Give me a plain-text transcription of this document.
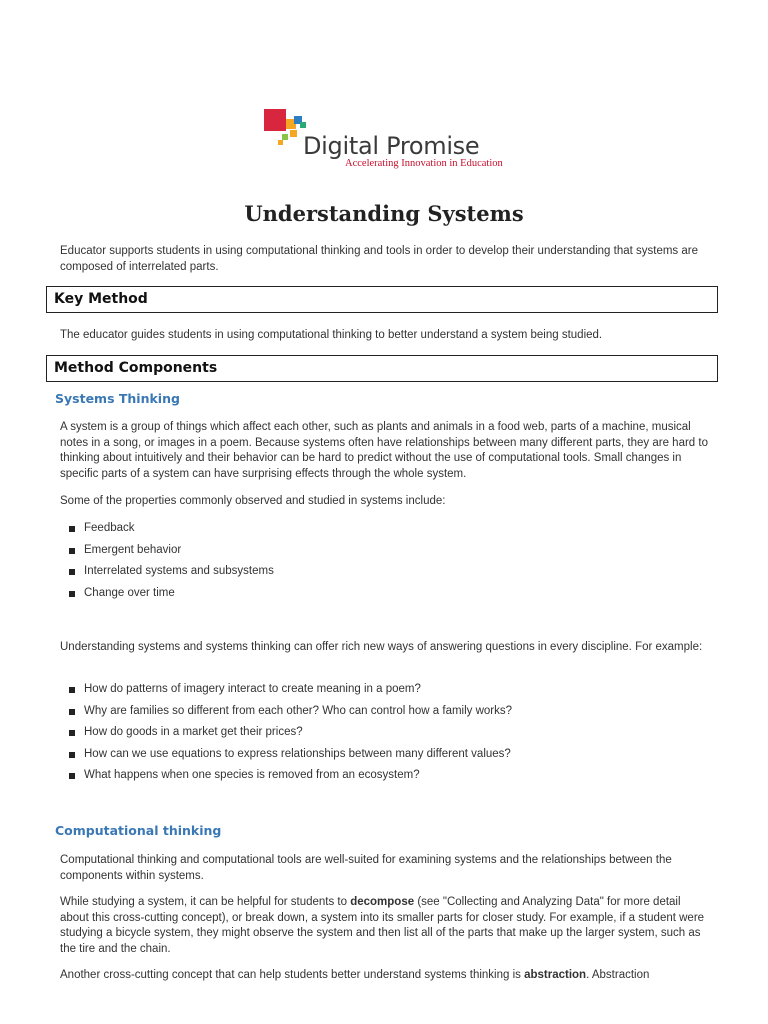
Digital Promise
Accelerating Innovation in Education
Understanding Systems

Educator supports students in using computational thinking and tools in order to develop their understanding that systems are composed of interrelated parts.

Key Method

The educator guides students in using computational thinking to better understand a system being studied.

Method Components
Systems Thinking

A system is a group of things which affect each other, such as plants and animals in a food web, parts of a machine, musical notes in a song, or images in a poem. Because systems often have relationships between many different parts, they are hard to thinking about intuitively and their behavior can be hard to predict without the use of computational tools. Small changes in specific parts of a system can have surprising effects through the whole system.

Some of the properties commonly observed and studied in systems include:

Feedback
Emergent behavior
Interrelated systems and subsystems
Change over time

Understanding systems and systems thinking can offer rich new ways of answering questions in every discipline. For example:

How do patterns of imagery interact to create meaning in a poem?
Why are families so different from each other? Who can control how a family works?
How do goods in a market get their prices?
How can we use equations to express relationships between many different values?
What happens when one species is removed from an ecosystem?
Computational thinking

Computational thinking and computational tools are well-suited for examining systems and the relationships between the components within systems.

While studying a system, it can be helpful for students to decompose (see "Collecting and Analyzing Data" for more detail about this cross-cutting concept), or break down, a system into its smaller parts for closer study. For example, if a student were studying a bicycle system, they might observe the system and then list all of the parts that make up the larger system, such as the tire and the chain.

Another cross-cutting concept that can help students better understand systems thinking is abstraction. Abstraction
